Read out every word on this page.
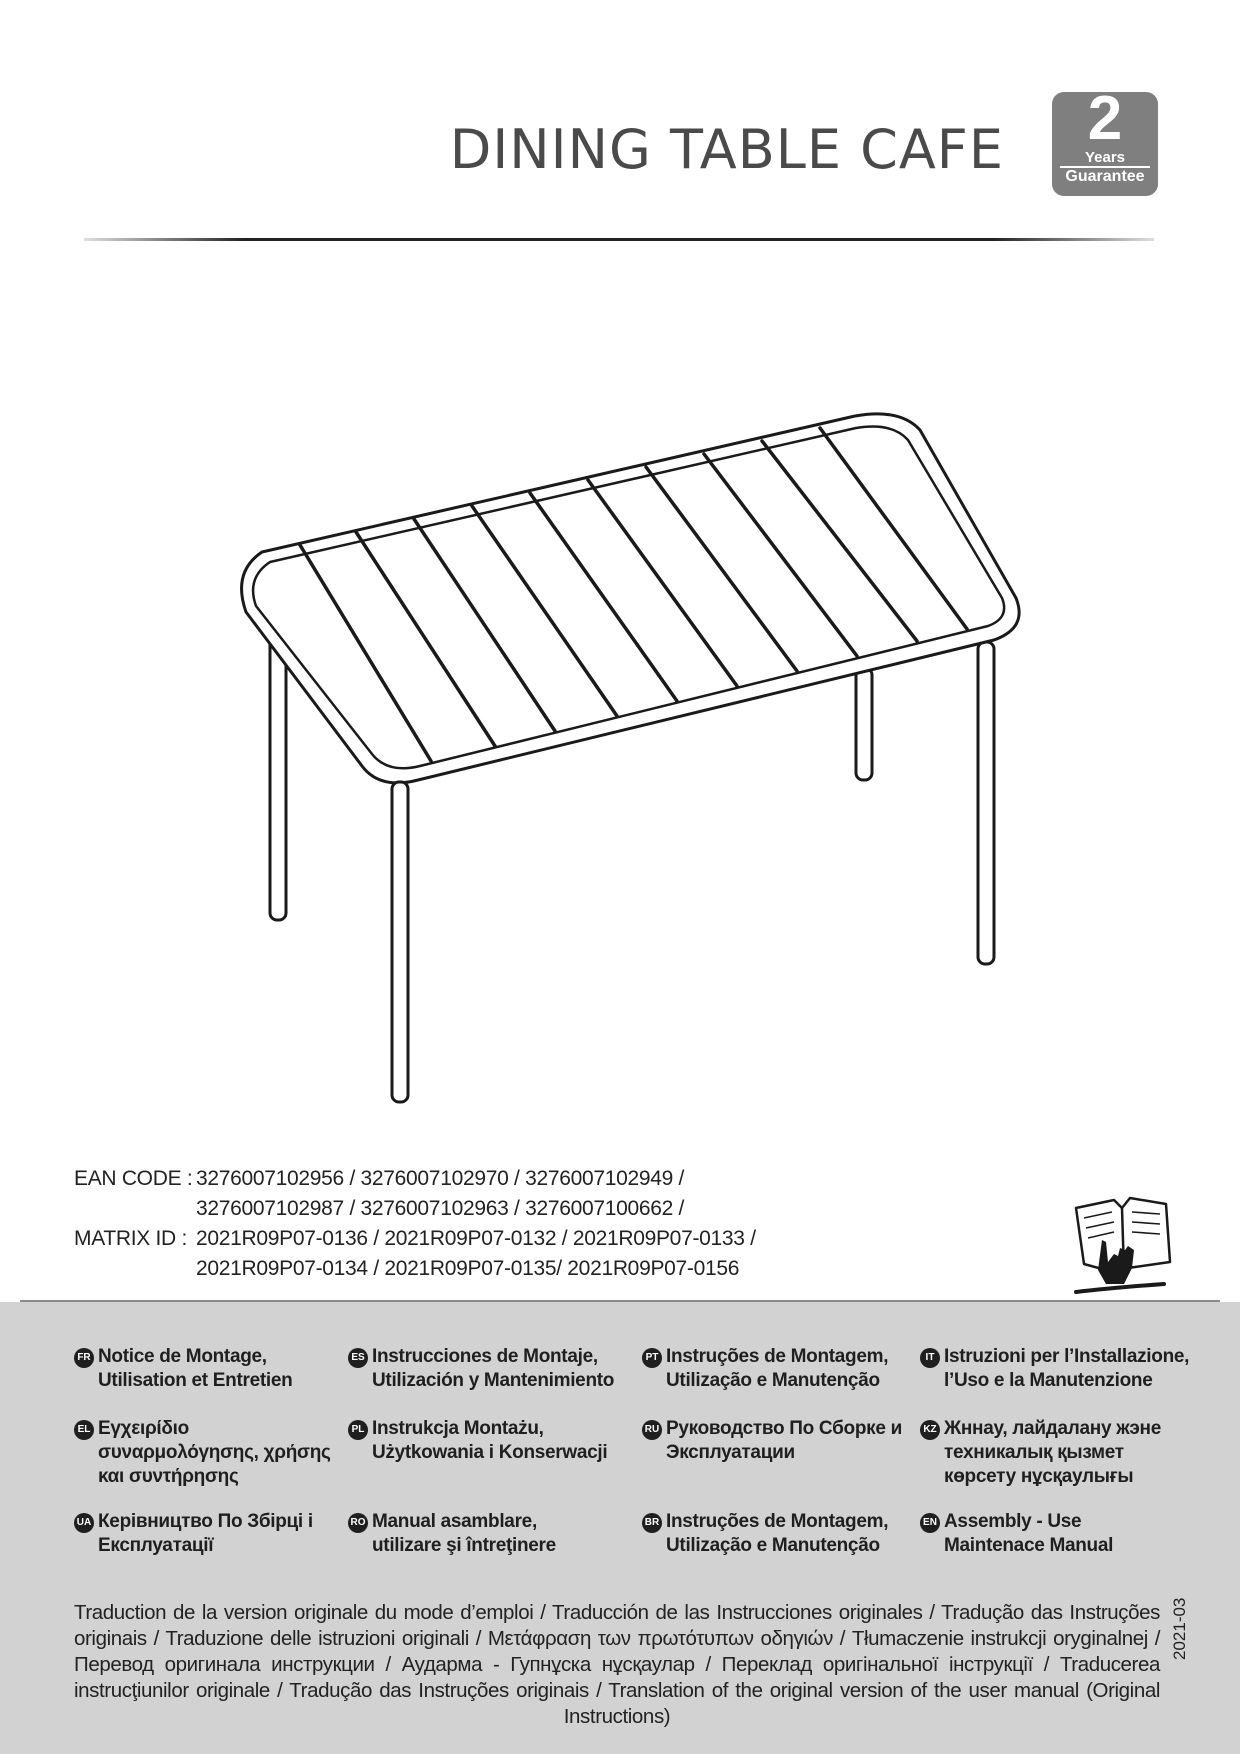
DINING TABLE CAFE	2
Years
Guarantee
EAN CODE : 3276007102956 / 3276007102970 / 3276007102949 /
3276007102987 / 3276007102963 / 3276007100662 /
MATRIX ID : 2021R09P07-0136 / 2021R09P07-0132 / 2021R09P07-0133 /
2021R09P07-0134 / 2021R09P07-0135/ 2021R09P07-0156
FR Notice de Montage,
Utilisation et Entretien
ES Instrucciones de Montaje,
Utilización y Mantenimiento
PT Instruções de Montagem,
Utilização e Manutenção
IT Istruzioni per l’Installazione,
l’Uso e la Manutenzione
EL Εγχειρίδιο
συναρμολόγησης, χρήσης
και συντήρησης
PL Instrukcja Montażu,
Użytkowania i Konserwacji
RU Руководство По Сборке и
Эксплуатации
KZ Жннау, лайдалану жэне
техникалық қызмет
көрсету нұсқаулығы
UA Керівництво По Збірці і
Експлуатації
RO Manual asamblare,
utilizare şi întreţinere
BR Instruções de Montagem,
Utilização e Manutenção
EN Assembly - Use
Maintenace Manual
Traduction de la version originale du mode d’emploi / Traducción de las Instrucciones originales / Tradução das Instruções originais / Traduzione delle istruzioni originali / Μετάφραση των πρωτότυπων οδηγιών / Tłumaczenie instrukcji oryginalnej / Перевод оригинала инструкции / Аударма - Гупнұска нұсқаулар / Переклад оригінальної інструкції / Traducerea instrucţiunilor originale / Tradução das Instruções originais / Translation of the original version of the user manual (Original Instructions)
2021-03
